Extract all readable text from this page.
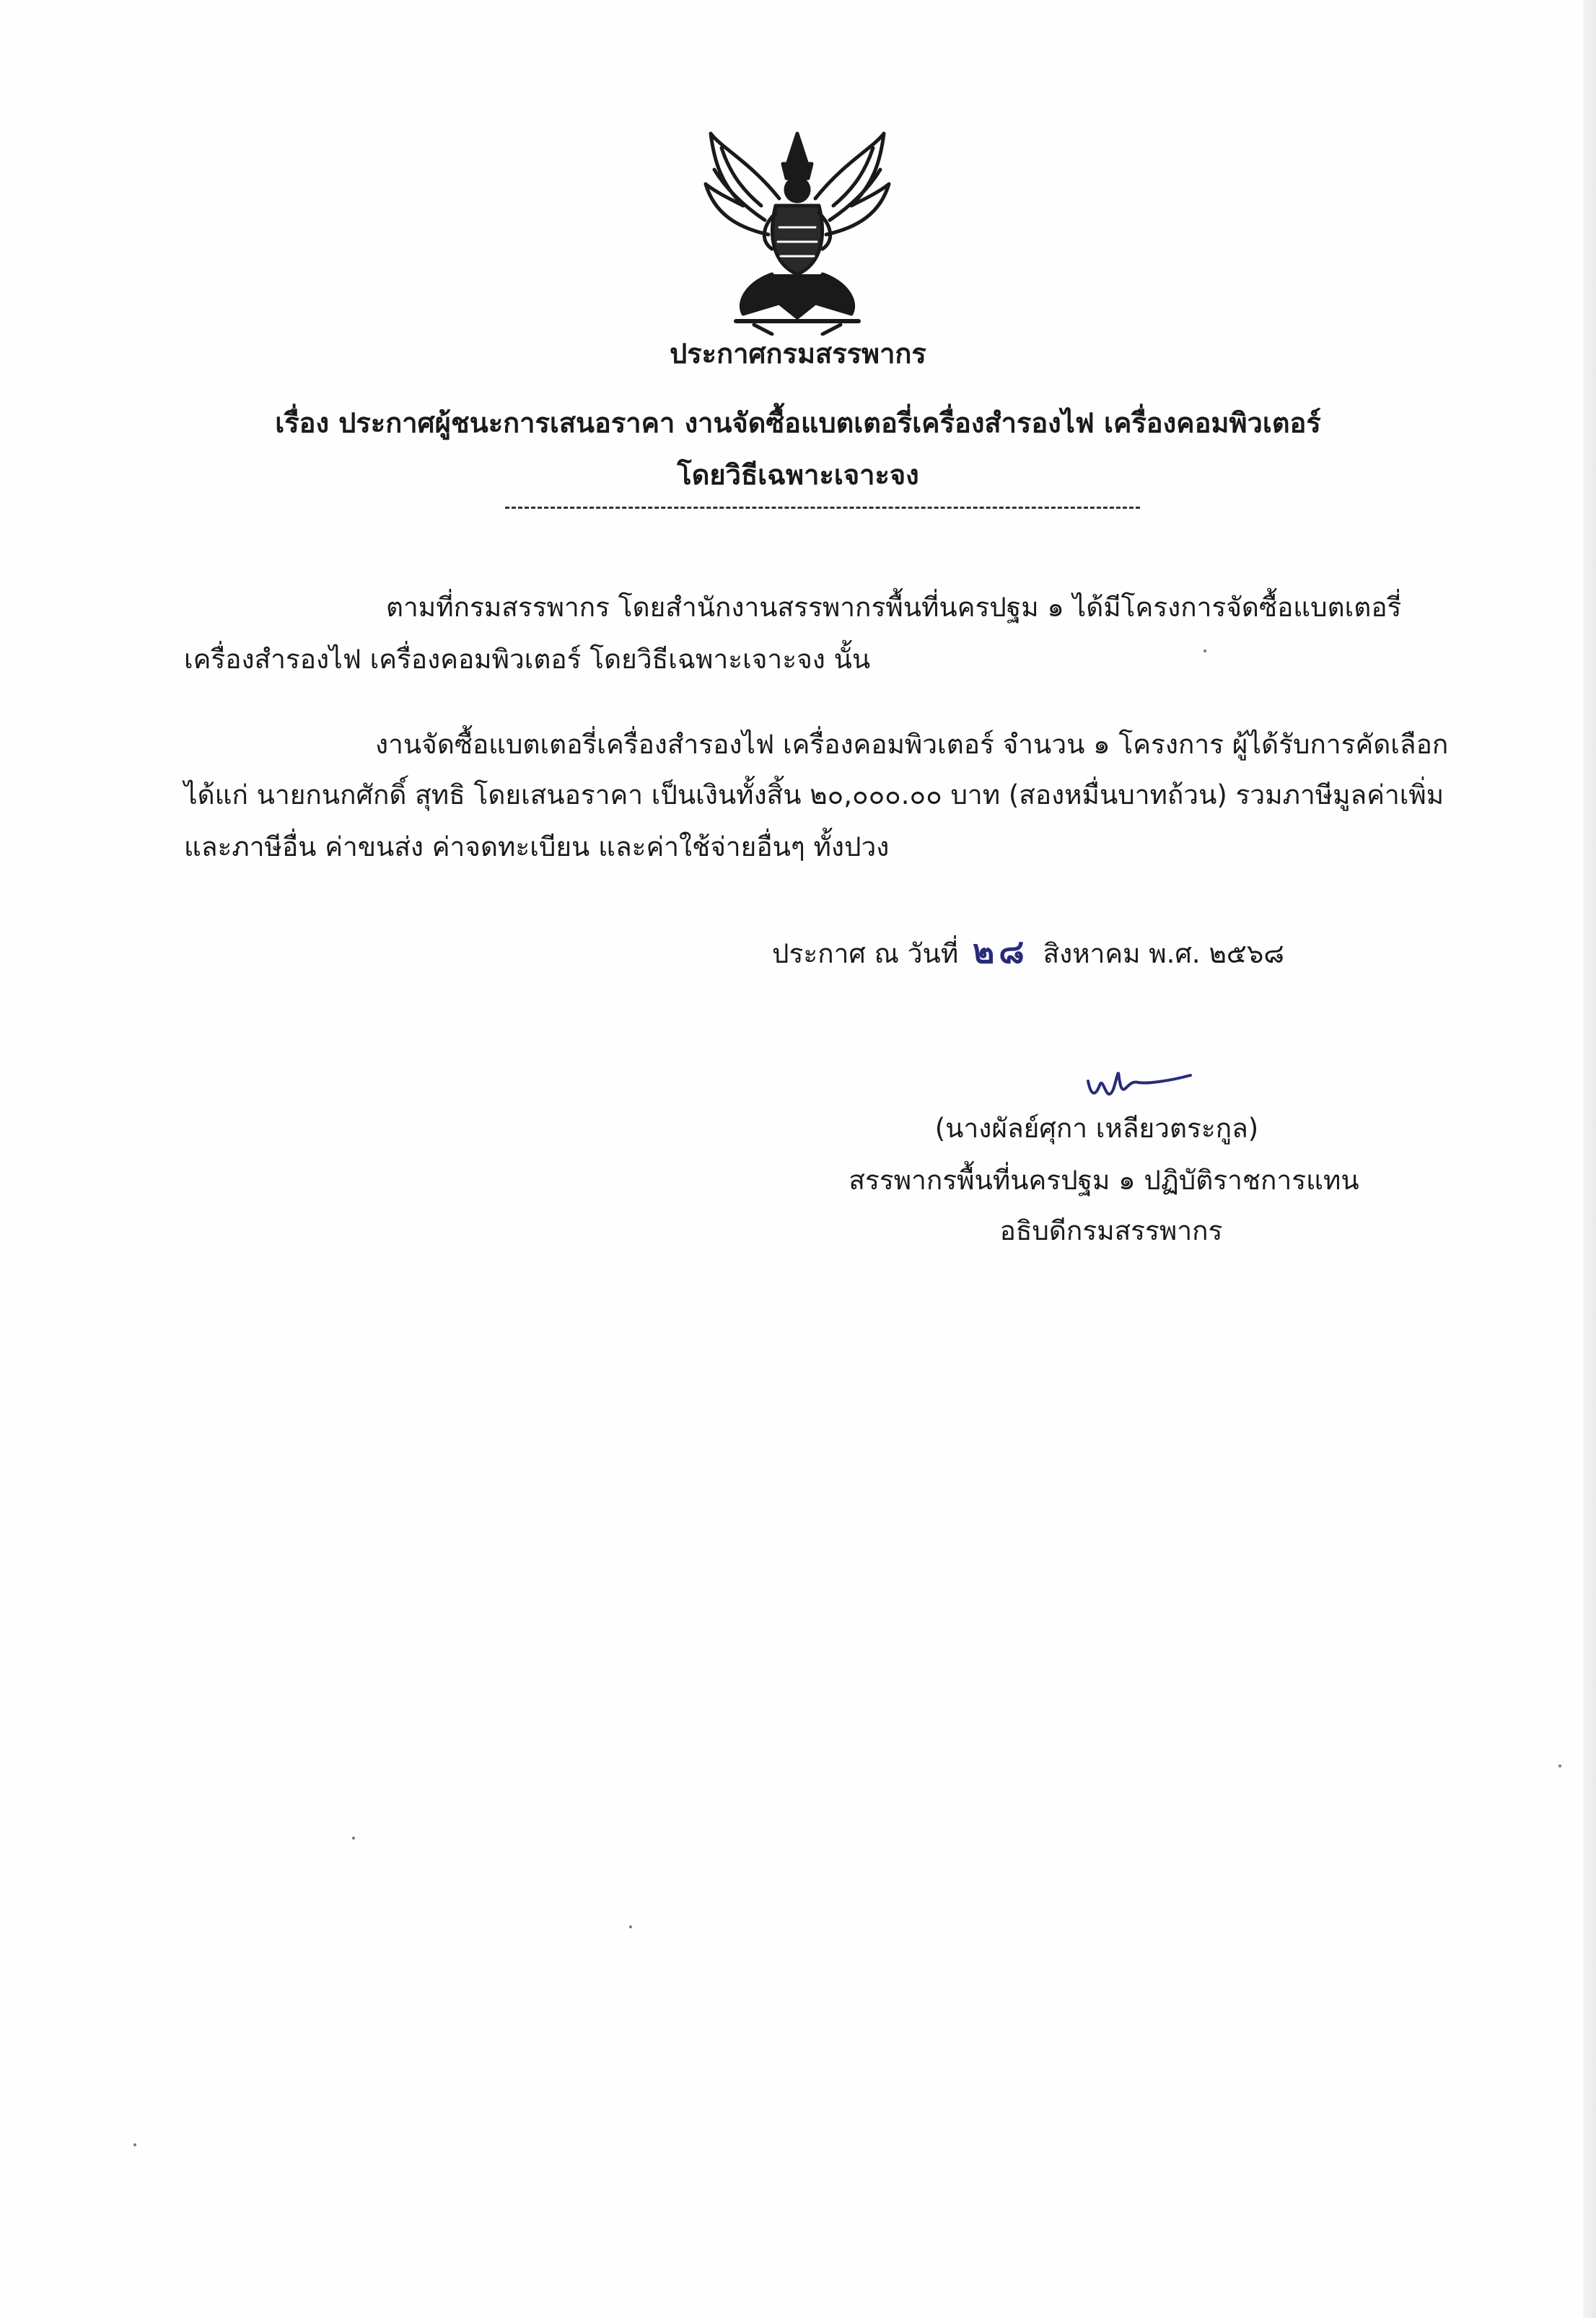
ประกาศกรมสรรพากร
เรื่อง ประกาศผู้ชนะการเสนอราคา งานจัดซื้อแบตเตอรี่เครื่องสำรองไฟ เครื่องคอมพิวเตอร์
โดยวิธีเฉพาะเจาะจง
ตามที่กรมสรรพากร โดยสำนักงานสรรพากรพื้นที่นครปฐม ๑ ได้มีโครงการจัดซื้อแบตเตอรี่
เครื่องสำรองไฟ เครื่องคอมพิวเตอร์ โดยวิธีเฉพาะเจาะจง นั้น
งานจัดซื้อแบตเตอรี่เครื่องสำรองไฟ เครื่องคอมพิวเตอร์ จำนวน ๑ โครงการ ผู้ได้รับการคัดเลือก
ได้แก่ นายกนกศักดิ์ สุทธิ โดยเสนอราคา เป็นเงินทั้งสิ้น ๒๐,๐๐๐.๐๐ บาท (สองหมื่นบาทถ้วน) รวมภาษีมูลค่าเพิ่ม
และภาษีอื่น ค่าขนส่ง ค่าจดทะเบียน และค่าใช้จ่ายอื่นๆ ทั้งปวง
ประกาศ ณ วันที่ ๒๘ สิงหาคม พ.ศ. ๒๕๖๘
(นางผัลย์ศุกา เหลียวตระกูล)
สรรพากรพื้นที่นครปฐม ๑ ปฏิบัติราชการแทน
อธิบดีกรมสรรพากร
